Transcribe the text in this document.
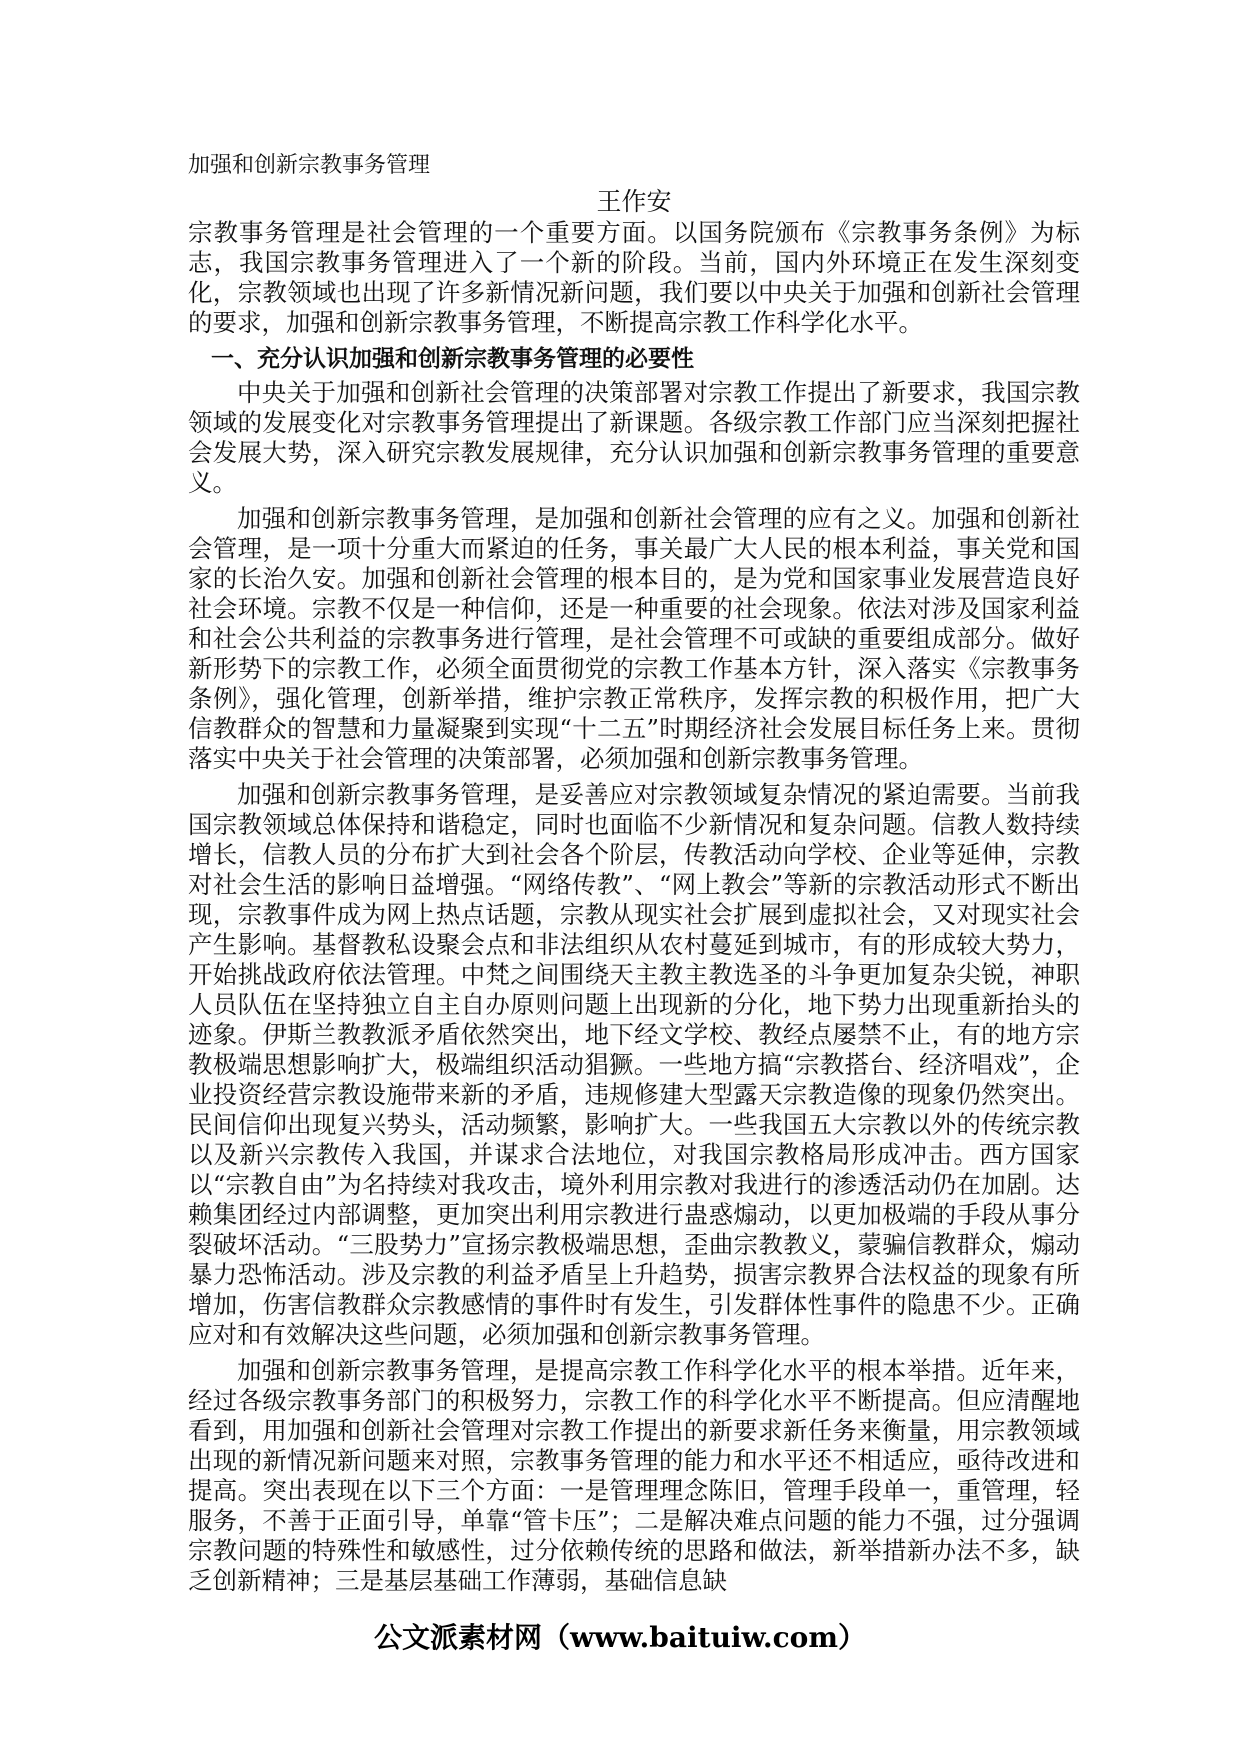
加强和创新宗教事务管理
王作安

宗教事务管理是社会管理的一个重要方面。以国务院颁布《宗教事务条例》为标志，我国宗教事务管理进入了一个新的阶段。当前，国内外环境正在发生深刻变化，宗教领域也出现了许多新情况新问题，我们要以中央关于加强和创新社会管理的要求，加强和创新宗教事务管理，不断提高宗教工作科学化水平。

一、充分认识加强和创新宗教事务管理的必要性

中央关于加强和创新社会管理的决策部署对宗教工作提出了新要求，我国宗教领域的发展变化对宗教事务管理提出了新课题。各级宗教工作部门应当深刻把握社会发展大势，深入研究宗教发展规律，充分认识加强和创新宗教事务管理的重要意义。

加强和创新宗教事务管理，是加强和创新社会管理的应有之义。加强和创新社会管理，是一项十分重大而紧迫的任务，事关最广大人民的根本利益，事关党和国家的长治久安。加强和创新社会管理的根本目的，是为党和国家事业发展营造良好社会环境。宗教不仅是一种信仰，还是一种重要的社会现象。依法对涉及国家利益和社会公共利益的宗教事务进行管理，是社会管理不可或缺的重要组成部分。做好新形势下的宗教工作，必须全面贯彻党的宗教工作基本方针，深入落实《宗教事务条例》，强化管理，创新举措，维护宗教正常秩序，发挥宗教的积极作用，把广大信教群众的智慧和力量凝聚到实现“十二五”时期经济社会发展目标任务上来。贯彻落实中央关于社会管理的决策部署，必须加强和创新宗教事务管理。

加强和创新宗教事务管理，是妥善应对宗教领域复杂情况的紧迫需要。当前我国宗教领域总体保持和谐稳定，同时也面临不少新情况和复杂问题。信教人数持续增长，信教人员的分布扩大到社会各个阶层，传教活动向学校、企业等延伸，宗教对社会生活的影响日益增强。“网络传教”、“网上教会”等新的宗教活动形式不断出现，宗教事件成为网上热点话题，宗教从现实社会扩展到虚拟社会，又对现实社会产生影响。基督教私设聚会点和非法组织从农村蔓延到城市，有的形成较大势力，开始挑战政府依法管理。中梵之间围绕天主教主教选圣的斗争更加复杂尖锐，神职人员队伍在坚持独立自主自办原则问题上出现新的分化，地下势力出现重新抬头的迹象。伊斯兰教教派矛盾依然突出，地下经文学校、教经点屡禁不止，有的地方宗教极端思想影响扩大，极端组织活动猖獗。一些地方搞“宗教搭台、经济唱戏”，企业投资经营宗教设施带来新的矛盾，违规修建大型露天宗教造像的现象仍然突出。民间信仰出现复兴势头，活动频繁，影响扩大。一些我国五大宗教以外的传统宗教以及新兴宗教传入我国，并谋求合法地位，对我国宗教格局形成冲击。西方国家以“宗教自由”为名持续对我攻击，境外利用宗教对我进行的渗透活动仍在加剧。达赖集团经过内部调整，更加突出利用宗教进行蛊惑煽动，以更加极端的手段从事分裂破坏活动。“三股势力”宣扬宗教极端思想，歪曲宗教教义，蒙骗信教群众，煽动暴力恐怖活动。涉及宗教的利益矛盾呈上升趋势，损害宗教界合法权益的现象有所增加，伤害信教群众宗教感情的事件时有发生，引发群体性事件的隐患不少。正确应对和有效解决这些问题，必须加强和创新宗教事务管理。

加强和创新宗教事务管理，是提高宗教工作科学化水平的根本举措。近年来，经过各级宗教事务部门的积极努力，宗教工作的科学化水平不断提高。但应清醒地看到，用加强和创新社会管理对宗教工作提出的新要求新任务来衡量，用宗教领域出现的新情况新问题来对照，宗教事务管理的能力和水平还不相适应，亟待改进和提高。突出表现在以下三个方面：一是管理理念陈旧，管理手段单一，重管理，轻服务，不善于正面引导，单靠“管卡压”；二是解决难点问题的能力不强，过分强调宗教问题的特殊性和敏感性，过分依赖传统的思路和做法，新举措新办法不多，缺乏创新精神；三是基层基础工作薄弱，基础信息缺

公文派素材网（www.baituiw.com）
